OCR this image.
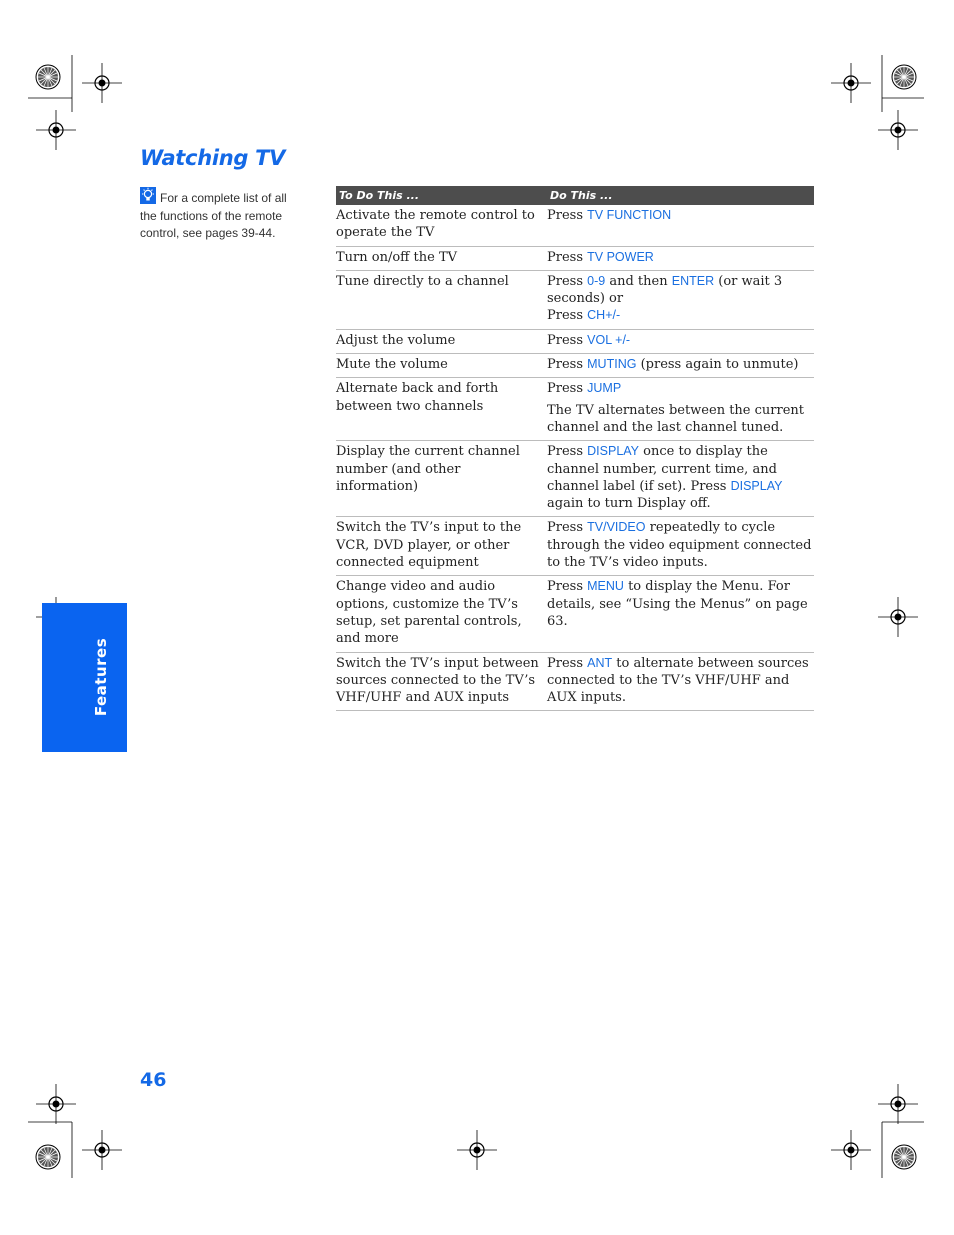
Watching TV
For a complete list of all the functions of the remote control, see pages 39-44.
Features
To Do This ...	Do This ...
Activate the remote control to operate the TV	Press TV FUNCTION

Turn on/off the TV	Press TV POWER

Tune directly to a channel	Press 0-9 and then ENTER (or wait 3 seconds) or
Press CH+/-

Adjust the volume	Press VOL +/-

Mute the volume	Press MUTING (press again to unmute)

Alternate back and forth between two channels	Press JUMP
The TV alternates between the current channel and the last channel tuned.

Display the current channel number (and other information)	Press DISPLAY once to display the channel number, current time, and channel label (if set). Press DISPLAY again to turn Display off.

Switch the TV’s input to the VCR, DVD player, or other connected equipment	Press TV/VIDEO repeatedly to cycle through the video equipment connected to the TV’s video inputs.

Change video and audio options, customize the TV’s setup, set parental controls, and more	Press MENU to display the Menu. For details, see “Using the Menus” on page 63.

Switch the TV’s input between sources connected to the TV’s VHF/UHF and AUX inputs	Press ANT to alternate between sources connected to the TV’s VHF/UHF and AUX inputs.
46
